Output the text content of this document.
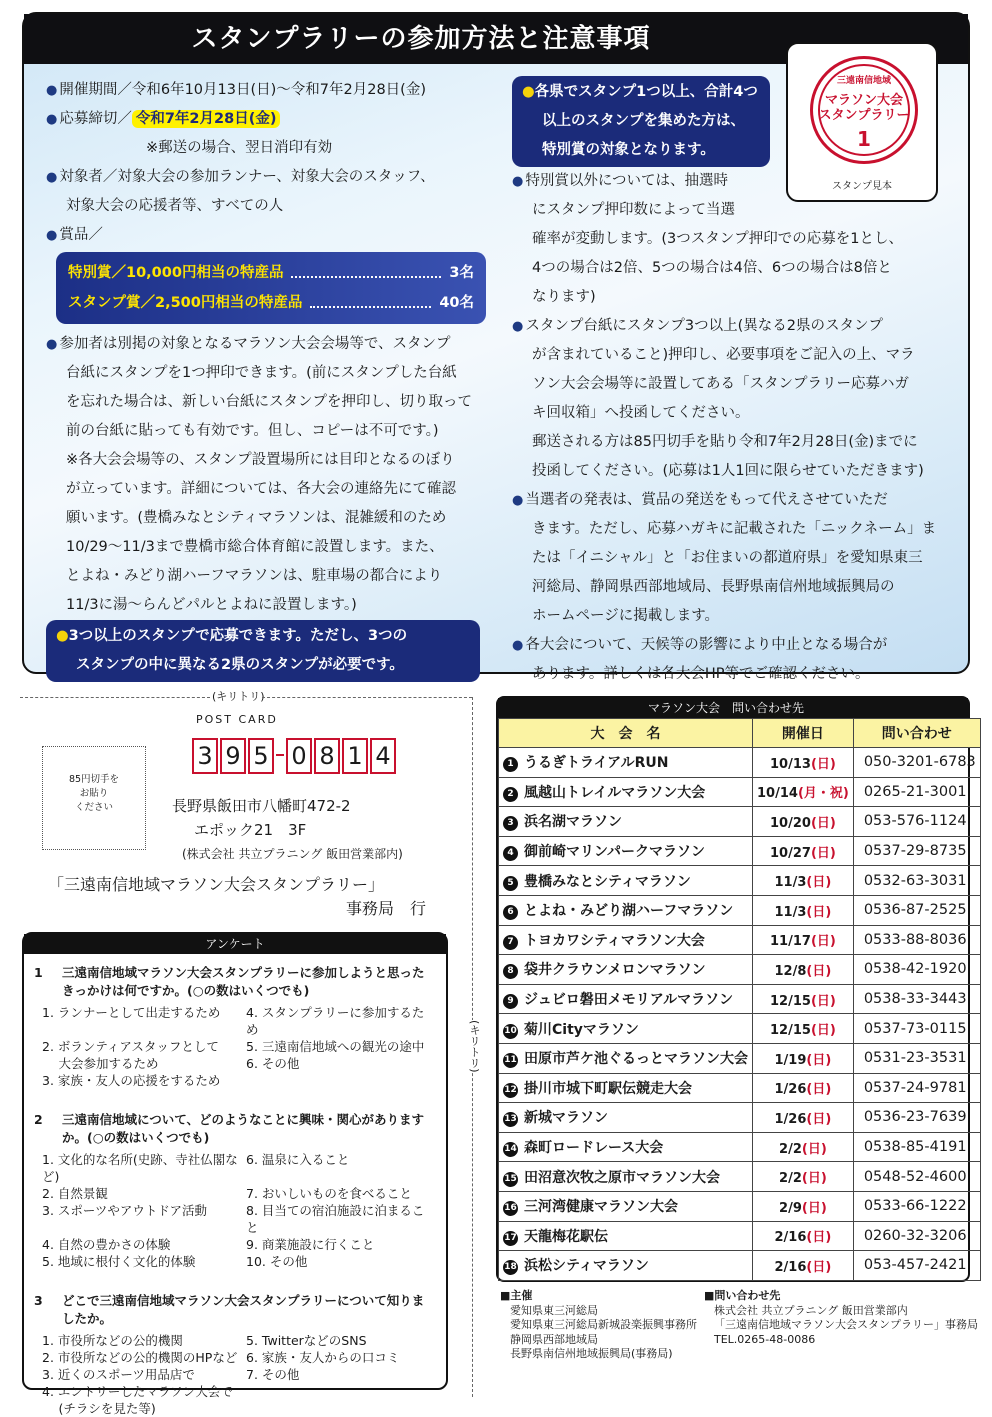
スタンプラリーの参加方法と注意事項
三遠南信地域
マラソン大会
スタンプラリー
1
スタンプ見本
● 開催期間／令和6年10月13日(日)～令和7年2月28日(金)
● 応募締切／ 令和7年2月28日(金)
※郵送の場合、翌日消印有効
● 対象者／対象大会の参加ランナー、対象大会のスタッフ、
対象大会の応援者等、すべての人
● 賞品／
特別賞／10,000円相当の特産品	3名
スタンプ賞／2,500円相当の特産品	40名
● 参加者は別掲の対象となるマラソン大会会場等で、スタンプ
台紙にスタンプを1つ押印できます。(前にスタンプした台紙
を忘れた場合は、新しい台紙にスタンプを押印し、切り取って
前の台紙に貼っても有効です。但し、コピーは不可です。)
※各大会会場等の、スタンプ設置場所には目印となるのぼり
が立っています。詳細については、各大会の連絡先にて確認
願います。(豊橋みなとシティマラソンは、混雑緩和のため
10/29～11/3まで豊橋市総合体育館に設置します。また、
とよね・みどり湖ハーフマラソンは、駐車場の都合により
11/3に湯～らんどパルとよねに設置します。)
●3つ以上のスタンプで応募できます。ただし、3つの
スタンプの中に異なる2県のスタンプが必要です。
●各県でスタンプ1つ以上、合計4つ
以上のスタンプを集めた方は、
特別賞の対象となります。
● 特別賞以外については、抽選時
にスタンプ押印数によって当選
確率が変動します。(3つスタンプ押印での応募を1とし、
4つの場合は2倍、5つの場合は4倍、6つの場合は8倍と
なります)
● スタンプ台紙にスタンプ3つ以上(異なる2県のスタンプ
が含まれていること)押印し、必要事項をご記入の上、マラ
ソン大会会場等に設置してある「スタンプラリー応募ハガ
キ回収箱」へ投函してください。
郵送される方は85円切手を貼り令和7年2月28日(金)までに
投函してください。(応募は1人1回に限らせていただきます)
● 当選者の発表は、賞品の発送をもって代えさせていただ
きます。ただし、応募ハガキに記載された「ニックネーム」ま
たは「イニシャル」と「お住まいの都道府県」を愛知県東三
河総局、静岡県西部地域局、長野県南信州地域振興局の
ホームページに掲載します。
● 各大会について、天候等の影響により中止となる場合が
あります。詳しくは各大会HP等でご確認ください。
(キリトリ)
(キリトリ)
POST CARD
85円切手を
お貼り
ください
3 9 5 0 8 1 4
長野県飯田市八幡町472-2
エポック21　3F
(株式会社 共立プラニング 飯田営業部内)
「三遠南信地域マラソン大会スタンプラリー」
事務局　行
アンケート
1	三遠南信地域マラソン大会スタンプラリーに参加しようと思ったきっかけは何ですか。(○の数はいくつでも)
1. ランナーとして出走するため	4. スタンプラリーに参加するため
2. ボランティアスタッフとして	5. 三遠南信地域への観光の途中
　 大会参加するため	6. その他
3. 家族・友人の応援をするため
2	三遠南信地域について、どのようなことに興味・関心がありますか。(○の数はいくつでも)
1. 文化的な名所(史跡、寺社仏閣など)
6. 温泉に入ること
2. 自然景観	7. おいしいものを食べること
3. スポーツやアウトドア活動	8. 目当ての宿泊施設に泊まること
4. 自然の豊かさの体験	9. 商業施設に行くこと
5. 地域に根付く文化的体験	10. その他
3	どこで三遠南信地域マラソン大会スタンプラリーについて知りましたか。
1. 市役所などの公的機関	5. TwitterなどのSNS
2. 市役所などの公的機関のHPなど 6. 家族・友人からの口コミ
3. 近くのスポーツ用品店で	7. その他
4. エントリーしたマラソン大会で
　 (チラシを見た等)
マラソン大会　問い合わせ先
大　会　名	開催日	問い合わせ
1 うるぎトライアルRUN	10/13(日)	050-3201-6783
2 風越山トレイルマラソン大会	10/14(月・祝)	0265-21-3001
3 浜名湖マラソン	10/20(日)	053-576-1124
4 御前崎マリンパークマラソン	10/27(日)	0537-29-8735
5 豊橋みなとシティマラソン	11/3(日)	0532-63-3031
6 とよね・みどり湖ハーフマラソン	11/3(日)	0536-87-2525
7 トヨカワシティマラソン大会	11/17(日)	0533-88-8036
8 袋井クラウンメロンマラソン	12/8(日)	0538-42-1920
9 ジュビロ磐田メモリアルマラソン	12/15(日)	0538-33-3443
10 菊川Cityマラソン	12/15(日)	0537-73-0115
11 田原市芦ケ池ぐるっとマラソン大会	1/19(日)	0531-23-3531
12 掛川市城下町駅伝競走大会	1/26(日)	0537-24-9781
13 新城マラソン	1/26(日)	0536-23-7639
14 森町ロードレース大会	2/2(日)	0538-85-4191
15 田沼意次牧之原市マラソン大会	2/2(日)	0548-52-4600
16 三河湾健康マラソン大会	2/9(日)	0533-66-1222
17 天龍梅花駅伝	2/16(日)	0260-32-3206
18 浜松シティマラソン	2/16(日)	053-457-2421
■主催
愛知県東三河総局
愛知県東三河総局新城設楽振興事務所
静岡県西部地域局
長野県南信州地域振興局(事務局)
■問い合わせ先
株式会社 共立プラニング 飯田営業部内
「三遠南信地域マラソン大会スタンプラリー」事務局
TEL.0265-48-0086
